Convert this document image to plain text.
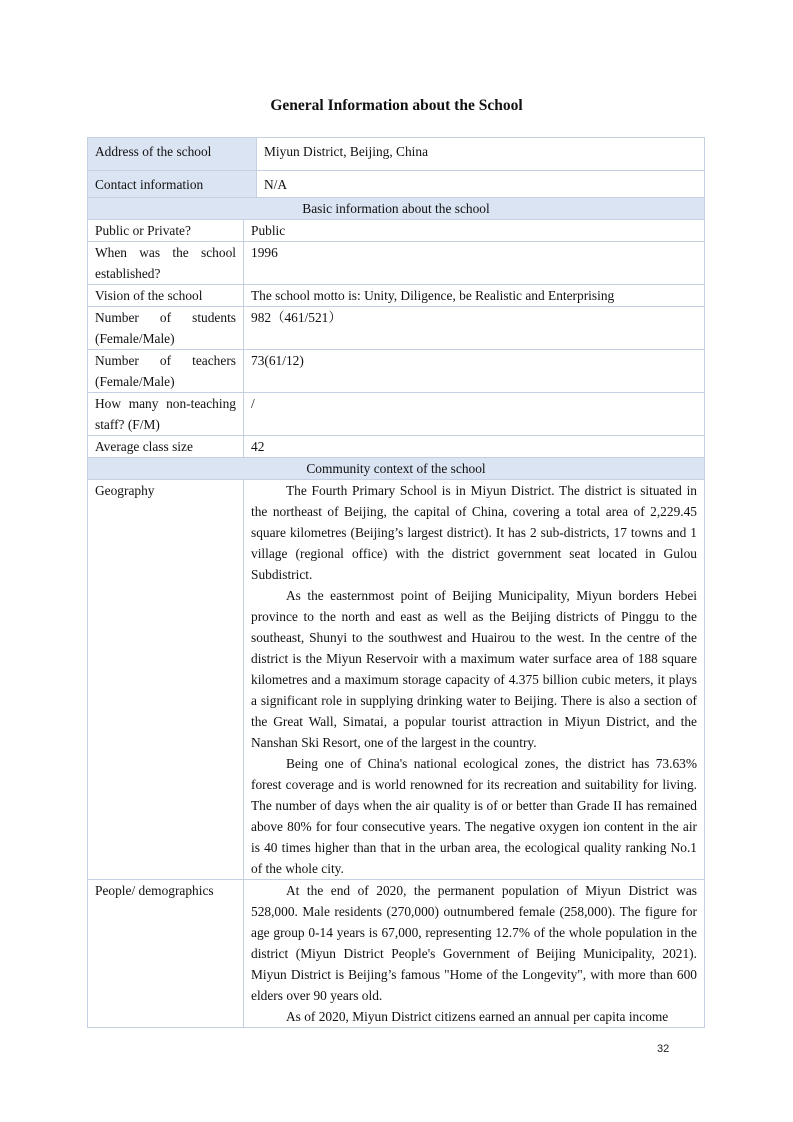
General Information about the School
Address of the school	Miyun District, Beijing, China
Contact information	N/A
Basic information about the school	
Public or Private?	Public
When was the school established?	1996
Vision of the school	The school motto is: Unity, Diligence, be Realistic and Enterprising
Number of students (Female/Male)	982（461/521）
Number of teachers (Female/Male)	73(61/12)
How many non-teaching staff? (F/M)	/
Average class size	42
Community context of the school	
Geography	The Fourth Primary School is in Miyun District. The district is situated in the northeast of Beijing, the capital of China, covering a total area of 2,229.45 square kilometres (Beijing’s largest district). It has 2 sub-districts, 17 towns and 1 village (regional office) with the district government seat located in Gulou Subdistrict.

As the easternmost point of Beijing Municipality, Miyun borders Hebei province to the north and east as well as the Beijing districts of Pinggu to the southeast, Shunyi to the southwest and Huairou to the west. In the centre of the district is the Miyun Reservoir with a maximum water surface area of 188 square kilometres and a maximum storage capacity of 4.375 billion cubic meters, it plays a significant role in supplying drinking water to Beijing. There is also a section of the Great Wall, Simatai, a popular tourist attraction in Miyun District, and the Nanshan Ski Resort, one of the largest in the country.

Being one of China's national ecological zones, the district has 73.63% forest coverage and is world renowned for its recreation and suitability for living. The number of days when the air quality is of or better than Grade II has remained above 80% for four consecutive years. The negative oxygen ion content in the air is 40 times higher than that in the urban area, the ecological quality ranking No.1 of the whole city.

People/ demographics	At the end of 2020, the permanent population of Miyun District was 528,000. Male residents (270,000) outnumbered female (258,000). The figure for age group 0-14 years is 67,000, representing 12.7% of the whole population in the district (Miyun District People's Government of Beijing Municipality, 2021). Miyun District is Beijing’s famous "Home of the Longevity", with more than 600 elders over 90 years old.

As of 2020, Miyun District citizens earned an annual per capita income

32
